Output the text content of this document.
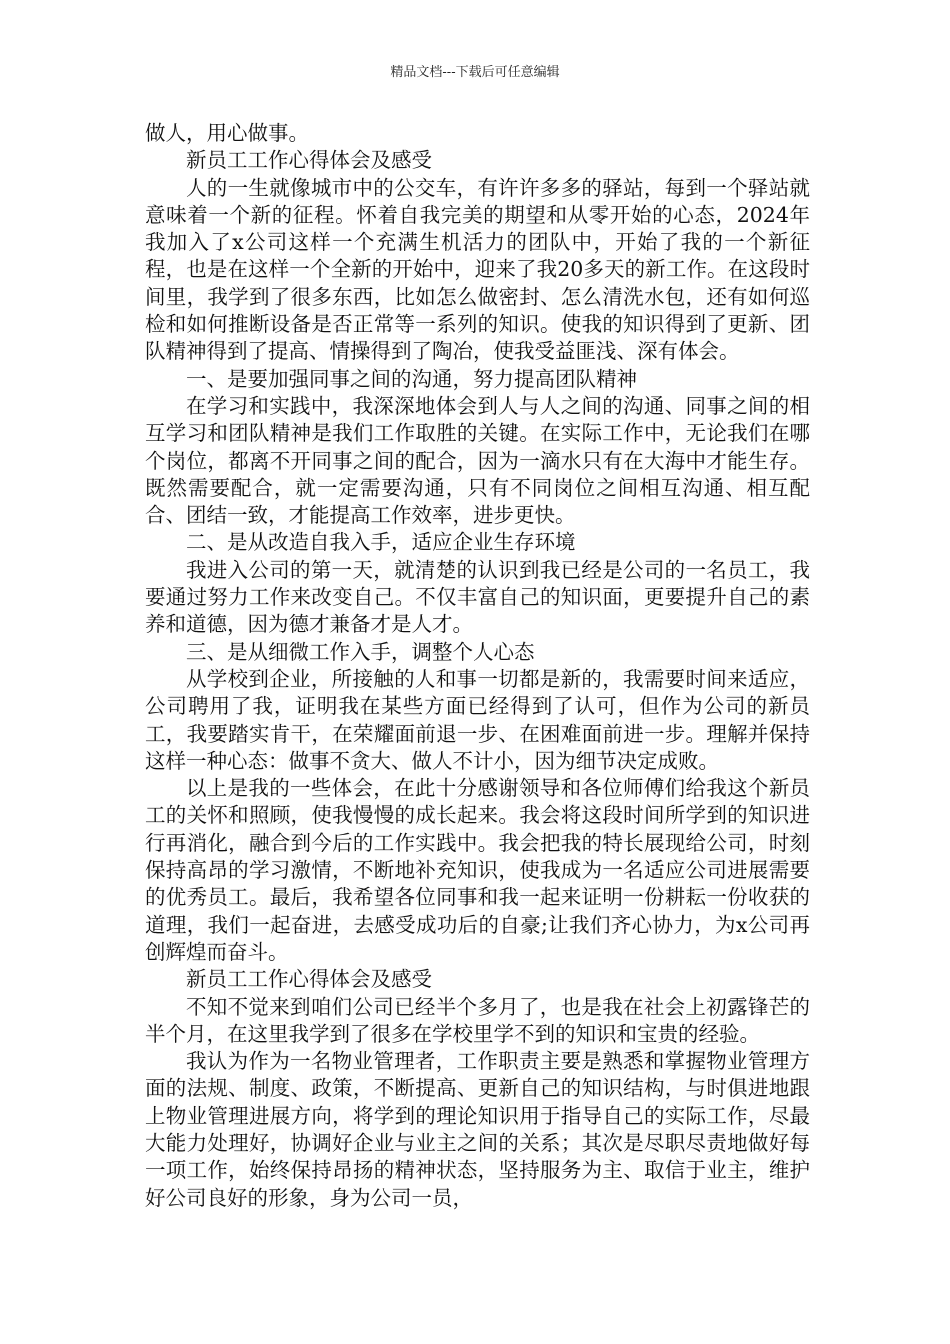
精品文档---下载后可任意编辑

做人，用心做事。

新员工工作心得体会及感受

人的一生就像城市中的公交车，有许许多多的驿站，每到一个驿站就意味着一个新的征程。怀着自我完美的期望和从零开始的心态，2024年我加入了x公司这样一个充满生机活力的团队中，开始了我的一个新征程，也是在这样一个全新的开始中，迎来了我20多天的新工作。在这段时间里，我学到了很多东西，比如怎么做密封、怎么清洗水包，还有如何巡检和如何推断设备是否正常等一系列的知识。使我的知识得到了更新、团队精神得到了提高、情操得到了陶冶，使我受益匪浅、深有体会。

一、是要加强同事之间的沟通，努力提高团队精神

在学习和实践中，我深深地体会到人与人之间的沟通、同事之间的相互学习和团队精神是我们工作取胜的关键。在实际工作中，无论我们在哪个岗位，都离不开同事之间的配合，因为一滴水只有在大海中才能生存。既然需要配合，就一定需要沟通，只有不同岗位之间相互沟通、相互配合、团结一致，才能提高工作效率，进步更快。

二、是从改造自我入手，适应企业生存环境

我进入公司的第一天，就清楚的认识到我已经是公司的一名员工，我要通过努力工作来改变自己。不仅丰富自己的知识面，更要提升自己的素养和道德，因为德才兼备才是人才。

三、是从细微工作入手，调整个人心态

从学校到企业，所接触的人和事一切都是新的，我需要时间来适应，公司聘用了我，证明我在某些方面已经得到了认可，但作为公司的新员工，我要踏实肯干，在荣耀面前退一步、在困难面前进一步。理解并保持这样一种心态：做事不贪大、做人不计小，因为细节决定成败。

以上是我的一些体会，在此十分感谢领导和各位师傅们给我这个新员工的关怀和照顾，使我慢慢的成长起来。我会将这段时间所学到的知识进行再消化，融合到今后的工作实践中。我会把我的特长展现给公司，时刻保持高昂的学习激情，不断地补充知识，使我成为一名适应公司进展需要的优秀员工。最后，我希望各位同事和我一起来证明一份耕耘一份收获的道理，我们一起奋进，去感受成功后的自豪;让我们齐心协力，为x公司再创辉煌而奋斗。

新员工工作心得体会及感受

不知不觉来到咱们公司已经半个多月了，也是我在社会上初露锋芒的半个月，在这里我学到了很多在学校里学不到的知识和宝贵的经验。

我认为作为一名物业管理者，工作职责主要是熟悉和掌握物业管理方面的法规、制度、政策，不断提高、更新自己的知识结构，与时俱进地跟上物业管理进展方向，将学到的理论知识用于指导自己的实际工作，尽最大能力处理好，协调好企业与业主之间的关系；其次是尽职尽责地做好每一项工作，始终保持昂扬的精神状态，坚持服务为主、取信于业主，维护好公司良好的形象，身为公司一员，
